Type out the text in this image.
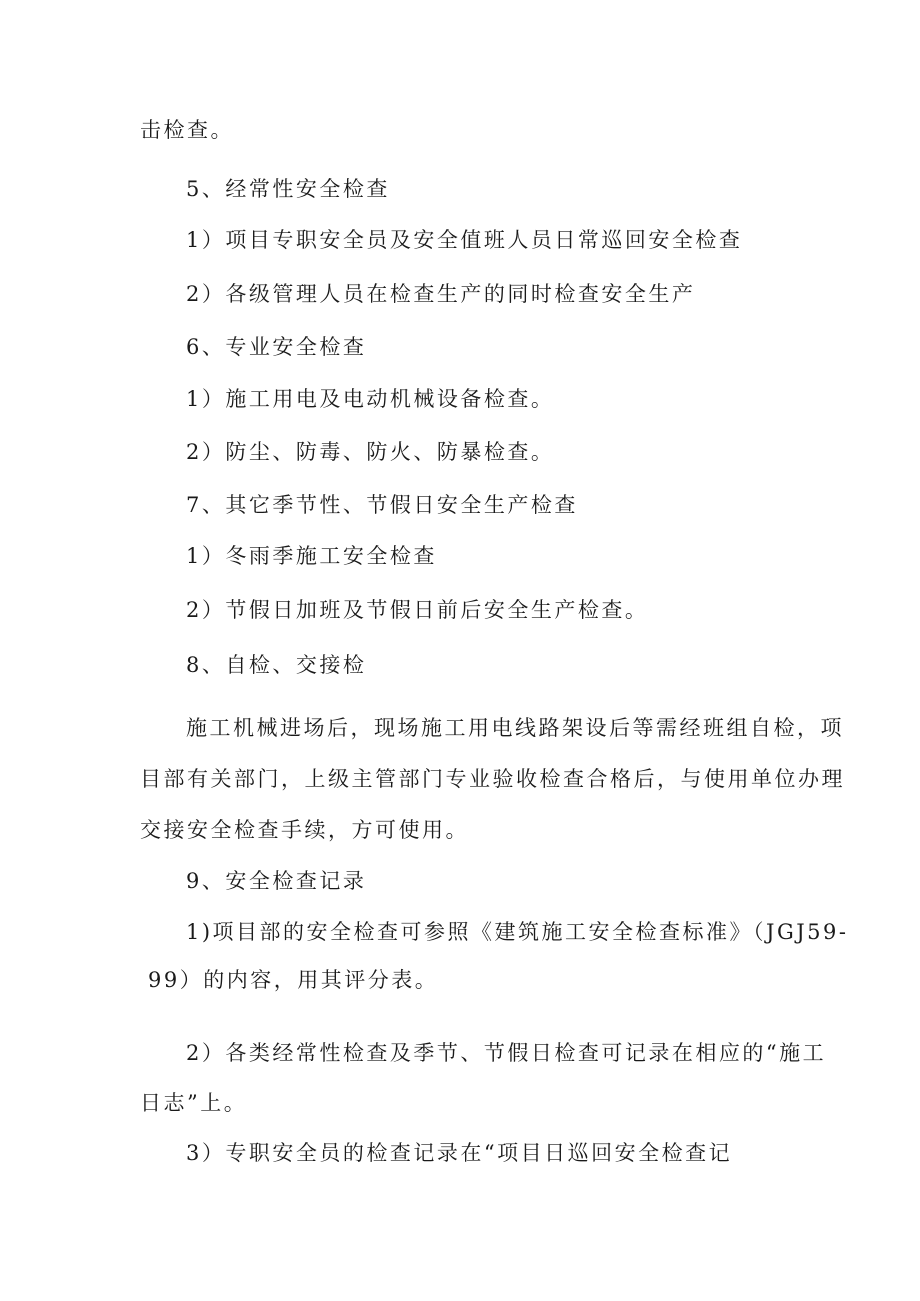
击检查。
5、经常性安全检查
1）项目专职安全员及安全值班人员日常巡回安全检查
2）各级管理人员在检查生产的同时检查安全生产
6、专业安全检查
1）施工用电及电动机械设备检查。
2）防尘、防毒、防火、防暴检查。
7、其它季节性、节假日安全生产检查
1）冬雨季施工安全检查
2）节假日加班及节假日前后安全生产检查。
8、自检、交接检
施工机械进场后，现场施工用电线路架设后等需经班组自检，项
目部有关部门，上级主管部门专业验收检查合格后，与使用单位办理
交接安全检查手续，方可使用。
9、安全检查记录
1)项目部的安全检查可参照《建筑施工安全检查标准》（JGJ59-
99）的内容，用其评分表。
2）各类经常性检查及季节、节假日检查可记录在相应的“施工
日志”上。
3）专职安全员的检查记录在“项目日巡回安全检查记
